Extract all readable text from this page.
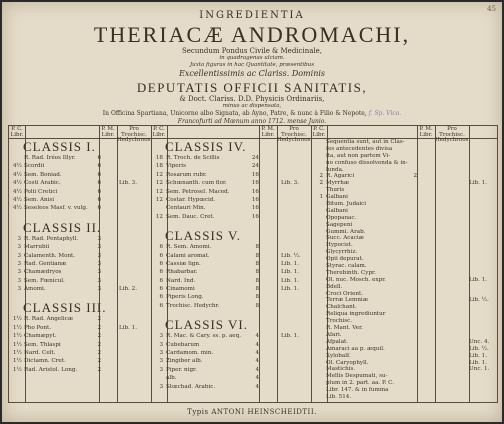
45
INGREDIENTIA
THERIACÆ ANDROMACHI,
Secundum Pondus Civile & Medicinale,
in quadragenas ulciam.
Juxta figuras in hac Quantitate, præsentibus
Excellentissimis ac Clariss. Dominis
DEPUTATIS OFFICII SANITATIS,
& Doct. Clariss. D.D. Physicis Ordinariis,
minus ac dispensata,
In Officina Spartiana, Unicorne albo Signata, ab Ayno, Patre, & nunc à Filio & Nepote, f. Sp. Vica.
Francofurti ad Mœnum anno 1712. mense Junio.
P. C. Libr.
P. M. Libr.
Pro Trochisc. Hedychroos.
P. C. Libr.
P. M. Libr.
Pro Trochisc. Hedychroos.
P. C. Libr.
P. M. Libr.
Pro Trochisc. Hedychroos.
CLASSIS I.
R. Rad. Iréos Illyr.	6
4½ Scordii	6
4½ Sem. Boniad.	6
4½ Costi Arabic.	6	Lib. 3.
4½ Polii Cretici	6
4½ Sem. Anisi	6
4½ Seseleos Masf. v. vulg.	6
CLASSIS II.
3 R. Rad. Pentaphyll.	3
3 Marrubii	3
3 Calamenth. Mont.	3
3 Rad. Gentianæ	3
3 Chamædryos	3
3 Sem. Fœnicul.	3
3 Amomi.	3	Lib. 2.
CLASSIS III.
1½ R. Rad. Angelicæ	2
1½ Pho Pont.	2	Lib. 1.
1½ Chamæpyt.	2
1½ Sem. Thlaspi	2
1½ Nard. Celt.	2
1½ Dictamn. Cret.	2
1½ Rad. Aristol. Long.	2
CLASSIS IV.
18 R. Troch. de Scillis	24
18 Viperis	24
12 Rosarum rubr.	16
12 Schœnanth. cum flor.	16	Lib. 3.
12 Sem. Petrosel. Maced.	16
12 Costar. Hypœcid.	16
Centauri Min.	16
12 Sem. Dauc. Cret.	16
CLASSIS V.
6 R. Sem. Amomi.	8
6 Calami aromat.	8	Lib. ½.
6 Cassiæ lign.	8	Lib. 1.
6 Rhabarbar.	8	Lib. 1.
6 Nard. Ind.	8	Lib. 1.
6 Cinamomi	8	Lib. 1.
6 Piperis Long.	8
6 Trochisc. Hedychr.	8
CLASSIS VI.
3 R. Mac. & Cary. ss. p. aeq.	4	Lib. 1.
3 Cubebarum	4
3 Cardamom. min.	4
3 Zingiber alb.	4
3 Piper. nigr.	4
alb.	4
3 Stœchad. Arabic.	4
Sequentia sunt, aut in Clas-
fes antecedentes divisa
ita, aut non partem Vi-
no confuso dissolvenda & in-
lunda.
2 R. Agarici	2
2 Myrrhæ	Lib. 1.
Thuris
1 Galbani
Bitum. Judaici
Galbani
Opopanac.
Sagepeni
Gummi. Arab.
Succ. Acaciæ
Hypocist.
Glycyrrhiz.
Opii depurat.
Styrac. calam.
Therebinth. Cypr.
Ol. nuc. Mosch. expr.	Lib. 1.
Bdell.
Croci Orient.
Terræ Lemniæ	Lib. ½.
Chalchant.
Reliqua ingrediuntur
Trochisc.
R. Mant. Ver.
Afari.
Afpalat.	Unc. 4.
Amaraci aa p. æquil.	Lib. ½.
Xylobalf.	Lib. 1.
Ol. Caryophyll.	Lib. 1.
Mastichis.	Unc. 1.
Mellis Despumati, su-
plum in 2. part. aa. P. C.
Libr. 147. & in fumma
Lib. 514.
Typis ANTONI HEINSCHEIDTII.
